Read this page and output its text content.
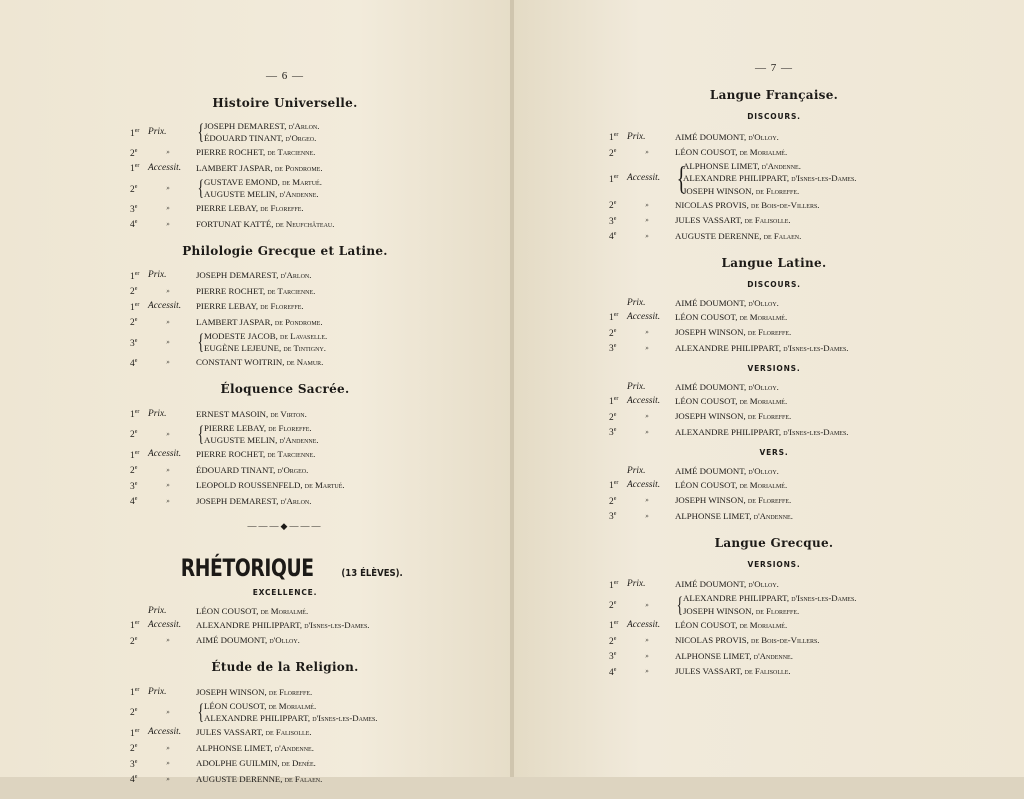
— 6 —
Histoire Universelle.
1er Prix.	{ JOSEPH DEMAREST, d'Arlon.
ÉDOUARD TINANT, d'Orgeo.
2e	»	PIERRE ROCHET, de Tarcienne.
1er Accessit.	LAMBERT JASPAR, de Pondrome.
2e	»	{ GUSTAVE EMOND, de Martué.
AUGUSTE MELIN, d'Andenne.
3e	»	PIERRE LEBAY, de Floreffe.
4e	»	FORTUNAT KATTÉ, de Neufchâteau.
Philologie Grecque et Latine.
1er Prix.	JOSEPH DEMAREST, d'Arlon.
2e	»	PIERRE ROCHET, de Tarcienne.
1er Accessit.	PIERRE LEBAY, de Floreffe.
2e	»	LAMBERT JASPAR, de Pondrome.
3e	»	{ MODESTE JACOB, de Lavaselle.
EUGÈNE LEJEUNE, de Tintigny.
4e	»	CONSTANT WOITRIN, de Namur.
Éloquence Sacrée.
1er Prix.	ERNEST MASOIN, de Virton.
2e	»	{ PIERRE LEBAY, de Floreffe.
AUGUSTE MELIN, d'Andenne.
1er Accessit.	PIERRE ROCHET, de Tarcienne.
2e	»	ÉDOUARD TINANT, d'Orgeo.
3e	»	LEOPOLD ROUSSENFELD, de Martué.
4e	»	JOSEPH DEMAREST, d'Arlon.
———◆———
RHÉTORIQUE	(13 ÉLÈVES).
EXCELLENCE.
Prix.	LÉON COUSOT, de Morialmé.
1er Accessit.	ALEXANDRE PHILIPPART, d'Isnes-les-Dames.
2e	»	AIMÉ DOUMONT, d'Olloy.
Étude de la Religion.
1er Prix.	JOSEPH WINSON, de Floreffe.
2e	»	{ LÉON COUSOT, de Morialmé.
ALEXANDRE PHILIPPART, d'Isnes-les-Dames.
1er Accessit.	JULES VASSART, de Falisolle.
2e	»	ALPHONSE LIMET, d'Andenne.
3e	»	ADOLPHE GUILMIN, de Denée.
4e	»	AUGUSTE DERENNE, de Falaen.
— 7 —
Langue Française.
DISCOURS.
1er Prix.	AIMÉ DOUMONT, d'Olloy.
2e	»	LÉON COUSOT, de Morialmé.
1er Accessit. {
ALPHONSE LIMET, d'Andenne.
ALEXANDRE PHILIPPART, d'Isnes-les-Dames.
JOSEPH WINSON, de Floreffe.
2e	»	NICOLAS PROVIS, de Bois-de-Villers.
3e	»	JULES VASSART, de Falisolle.
4e	»	AUGUSTE DERENNE, de Falaen.
Langue Latine.
DISCOURS.
Prix.	AIMÉ DOUMONT, d'Olloy.
1er Accessit.	LÉON COUSOT, de Morialmé.
2e	»	JOSEPH WINSON, de Floreffe.
3e	»	ALEXANDRE PHILIPPART, d'Isnes-les-Dames.
VERSIONS.
Prix.	AIMÉ DOUMONT, d'Olloy.
1er Accessit.	LÉON COUSOT, de Morialmé.
2e	»	JOSEPH WINSON, de Floreffe.
3e	»	ALEXANDRE PHILIPPART, d'Isnes-les-Dames.
VERS.
Prix.	AIMÉ DOUMONT, d'Olloy.
1er Accessit.	LÉON COUSOT, de Morialmé.
2e	»	JOSEPH WINSON, de Floreffe.
3e	»	ALPHONSE LIMET, d'Andenne.
Langue Grecque.
VERSIONS.
1er Prix.	AIMÉ DOUMONT, d'Olloy.
2e	»	{ ALEXANDRE PHILIPPART, d'Isnes-les-Dames.
JOSEPH WINSON, de Floreffe.
1er Accessit.	LÉON COUSOT, de Morialmé.
2e	»	NICOLAS PROVIS, de Bois-de-Villers.
3e	»	ALPHONSE LIMET, d'Andenne.
4e	»	JULES VASSART, de Falisolle.
